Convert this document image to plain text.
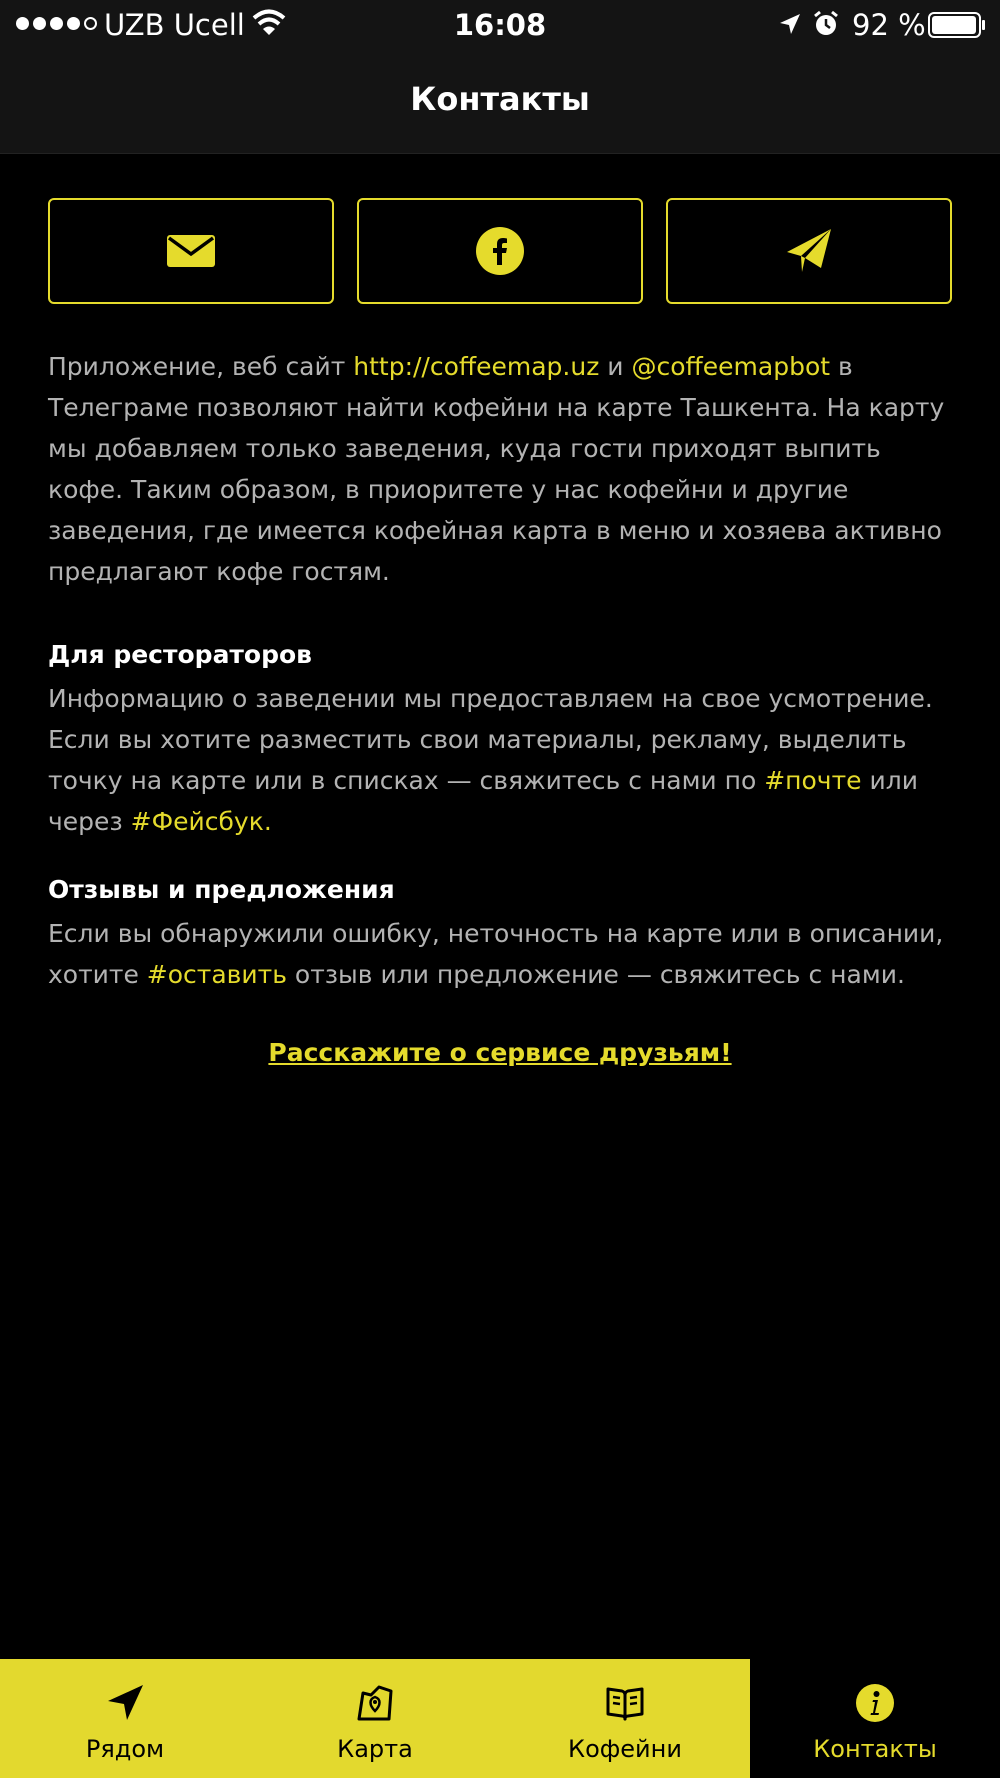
UZB Ucell	16:08	92 %
Контакты
Приложение, веб сайт http://coffeemap.uz и @coffeemapbot в Телеграме позволяют найти кофейни на карте Ташкента. На карту мы добавляем только заведения, куда гости приходят выпить кофе. Таким образом, в приоритете у нас кофейни и другие заведения, где имеется кофейная карта в меню и хозяева активно предлагают кофе гостям.
Для рестораторов
Информацию о заведении мы предоставляем на свое усмотрение. Если вы хотите разместить свои материалы, рекламу, выделить точку на карте или в списках — свяжитесь с нами по #почте или через #Фейсбук.
Отзывы и предложения
Если вы обнаружили ошибку, неточность на карте или в описании, хотите #оставить отзыв или предложение — свяжитесь с нами.
Расскажите о сервисе друзьям!
Рядом	Карта	Кофейни	Контакты
